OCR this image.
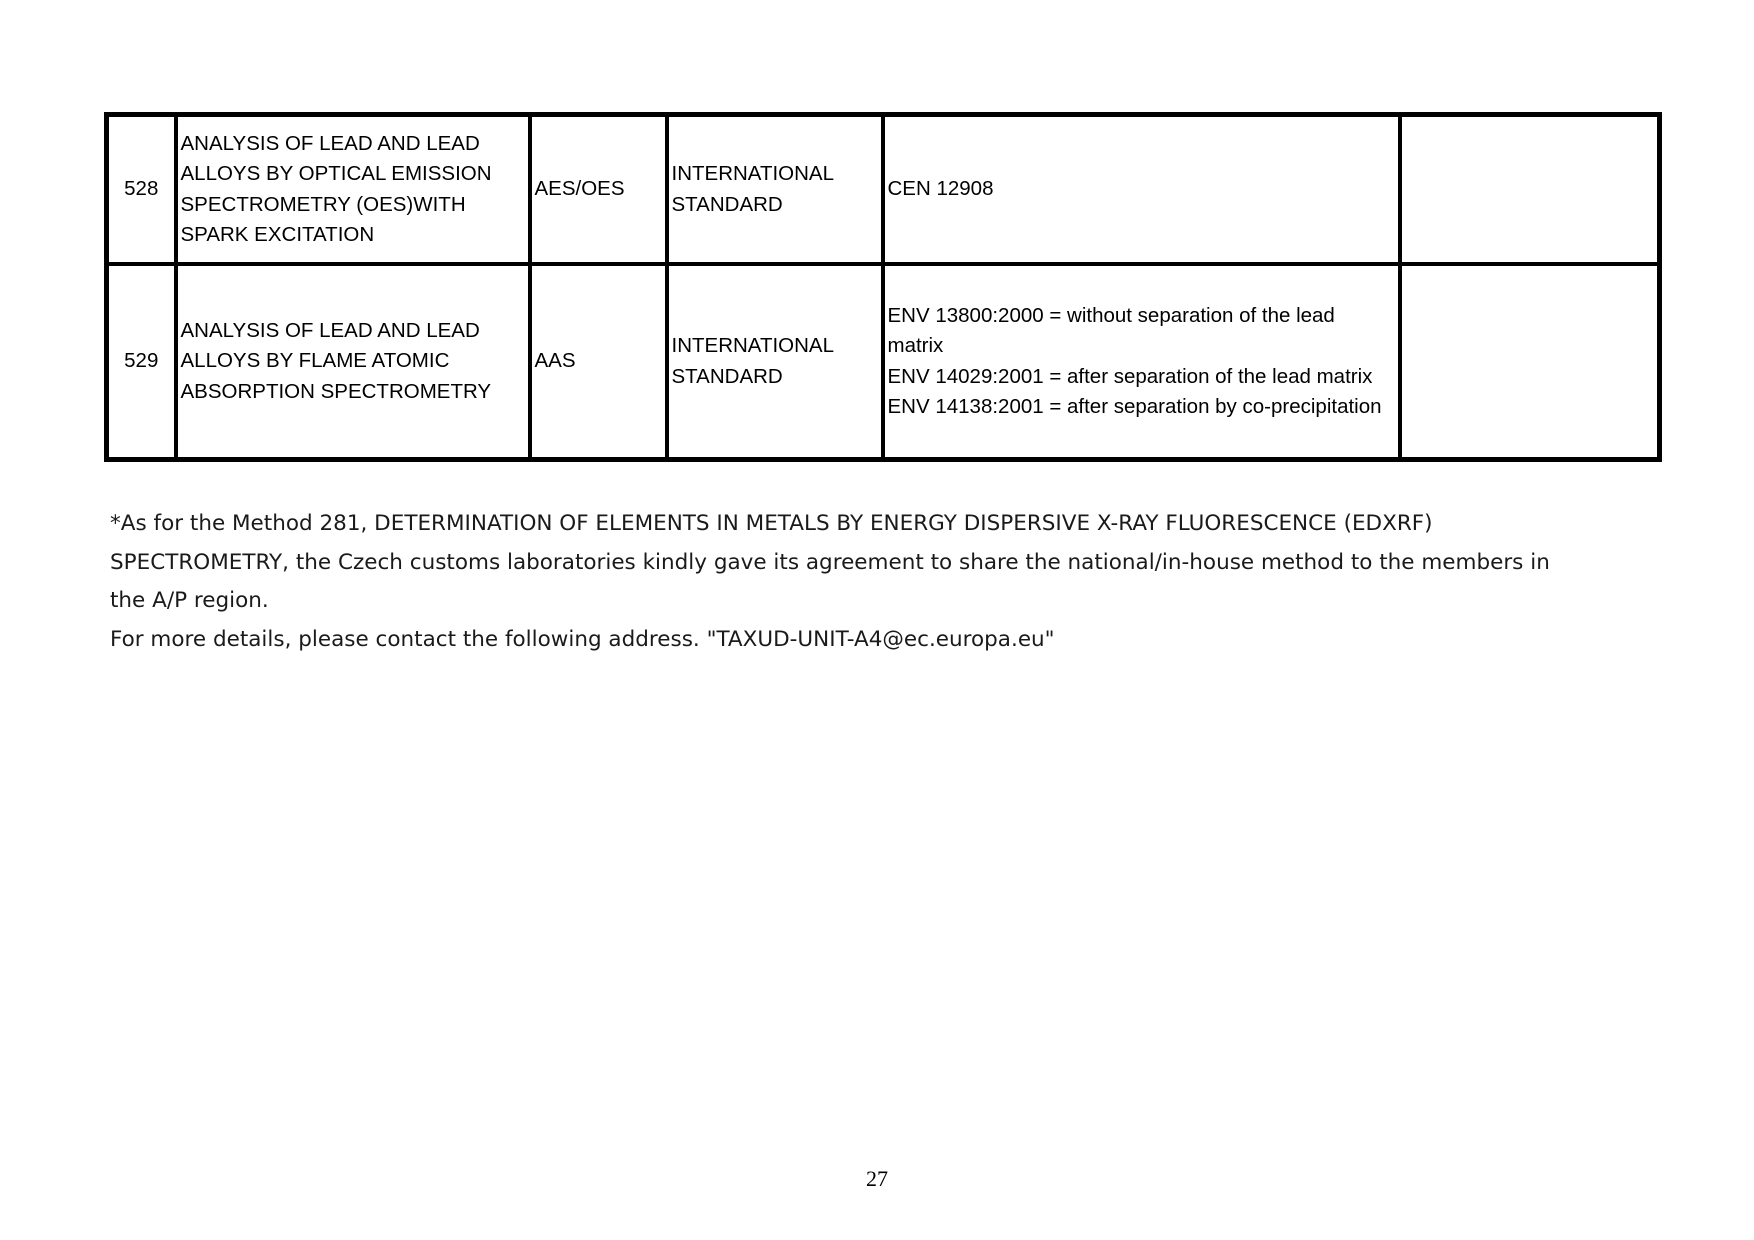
528	ANALYSIS OF LEAD AND LEAD ALLOYS BY OPTICAL EMISSION SPECTROMETRY (OES)WITH SPARK EXCITATION	AES/OES	INTERNATIONAL STANDARD	CEN 12908	

529	ANALYSIS OF LEAD AND LEAD ALLOYS BY FLAME ATOMIC ABSORPTION SPECTROMETRY	AAS	INTERNATIONAL STANDARD	ENV 13800:2000 = without separation of the lead matrix
ENV 14029:2001 = after separation of the lead matrix
ENV 14138:2001 = after separation by co-precipitation	

*As for the Method 281, DETERMINATION OF ELEMENTS IN METALS BY ENERGY DISPERSIVE X-RAY FLUORESCENCE (EDXRF) SPECTROMETRY, the Czech customs laboratories kindly gave its agreement to share the national/in-house method to the members in the A/P region.

For more details, please contact the following address. "TAXUD-UNIT-A4@ec.europa.eu"

27
